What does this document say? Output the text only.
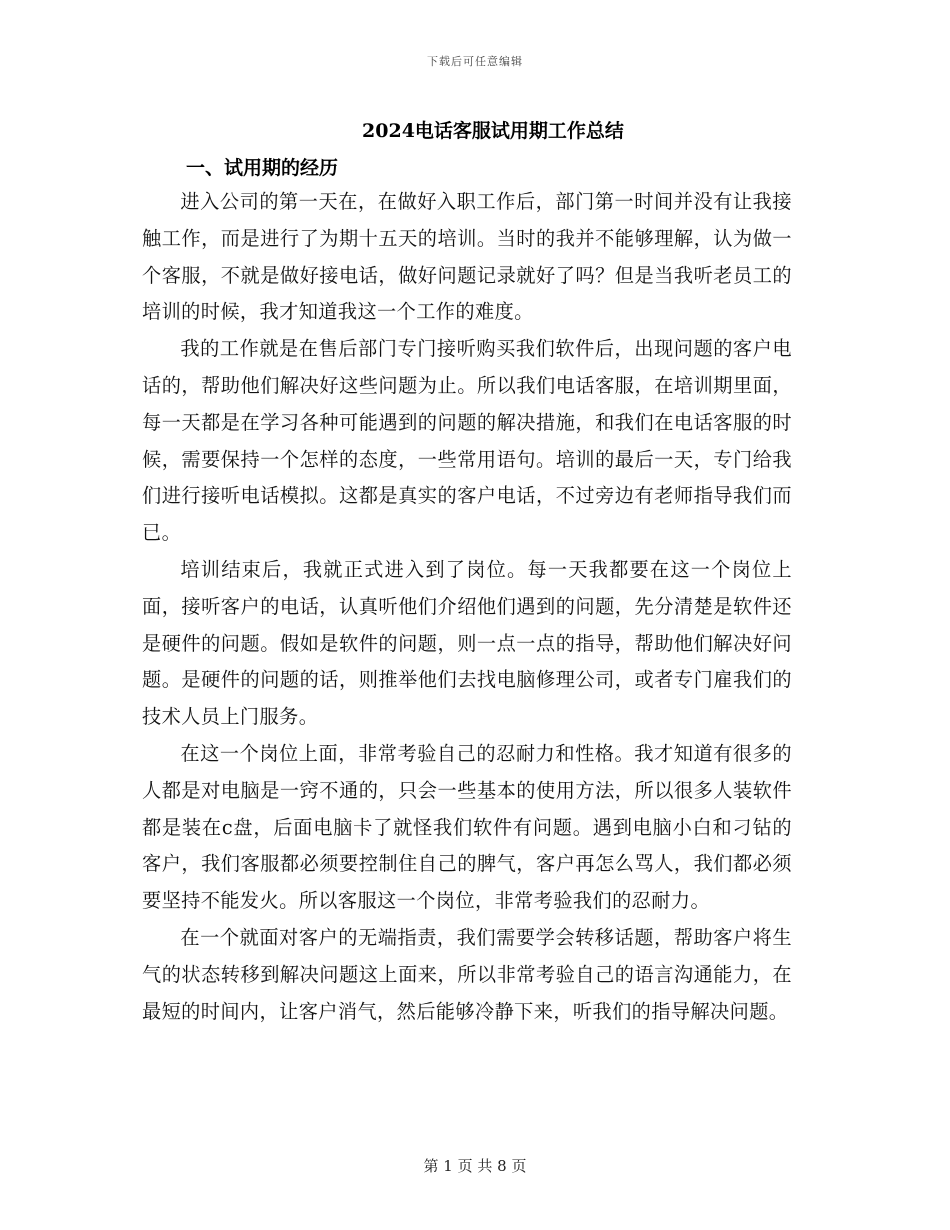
下载后可任意编辑
2024电话客服试用期工作总结
一、试用期的经历

进入公司的第一天在，在做好入职工作后，部门第一时间并没有让我接触工作，而是进行了为期十五天的培训。当时的我并不能够理解，认为做一个客服，不就是做好接电话，做好问题记录就好了吗？但是当我听老员工的培训的时候，我才知道我这一个工作的难度。

我的工作就是在售后部门专门接听购买我们软件后，出现问题的客户电话的，帮助他们解决好这些问题为止。所以我们电话客服，在培训期里面，每一天都是在学习各种可能遇到的问题的解决措施，和我们在电话客服的时候，需要保持一个怎样的态度，一些常用语句。培训的最后一天，专门给我们进行接听电话模拟。这都是真实的客户电话，不过旁边有老师指导我们而已。

培训结束后，我就正式进入到了岗位。每一天我都要在这一个岗位上面，接听客户的电话，认真听他们介绍他们遇到的问题，先分清楚是软件还是硬件的问题。假如是软件的问题，则一点一点的指导，帮助他们解决好问题。是硬件的问题的话，则推举他们去找电脑修理公司，或者专门雇我们的技术人员上门服务。

在这一个岗位上面，非常考验自己的忍耐力和性格。我才知道有很多的人都是对电脑是一窍不通的，只会一些基本的使用方法，所以很多人装软件都是装在c盘，后面电脑卡了就怪我们软件有问题。遇到电脑小白和刁钻的客户，我们客服都必须要控制住自己的脾气，客户再怎么骂人，我们都必须要坚持不能发火。所以客服这一个岗位，非常考验我们的忍耐力。

在一个就面对客户的无端指责，我们需要学会转移话题，帮助客户将生气的状态转移到解决问题这上面来，所以非常考验自己的语言沟通能力，在最短的时间内，让客户消气，然后能够冷静下来，听我们的指导解决问题。

第 1 页 共 8 页
